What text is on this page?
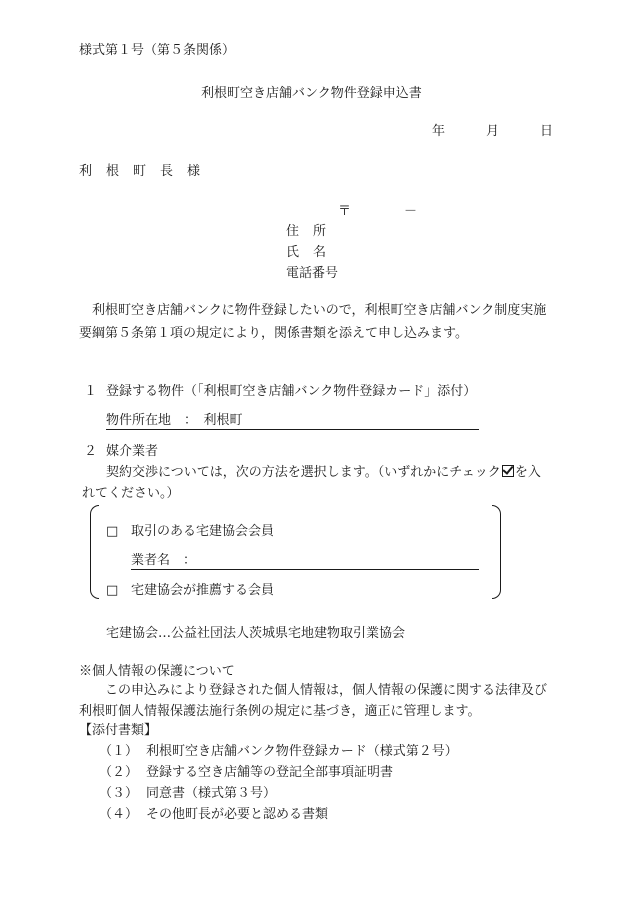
様式第１号（第５条関係）
利根町空き店舗バンク物件登録申込書
年	月	日
利根町長様
〒	－
住所
氏名
電話番号
利根町空き店舗バンクに物件登録したいので，利根町空き店舗バンク制度実施要綱第５条第１項の規定により，関係書類を添えて申し込みます。
１ 登録する物件（「利根町空き店舗バンク物件登録カード」添付）
物件所在地　：　利根町
２ 媒介業者
契約交渉については，次の方法を選択します。（いずれかにチェック を入
れてください。）
□ 取引のある宅建協会会員
業者名　：
□ 宅建協会が推薦する会員
宅建協会…公益社団法人茨城県宅地建物取引業協会
※個人情報の保護について
この申込みにより登録された個人情報は，個人情報の保護に関する法律及び利根町個人情報保護法施行条例の規定に基づき，適正に管理します。
【添付書類】
（１） 利根町空き店舗バンク物件登録カード（様式第２号）
（２） 登録する空き店舗等の登記全部事項証明書
（３） 同意書（様式第３号）
（４） その他町長が必要と認める書類
